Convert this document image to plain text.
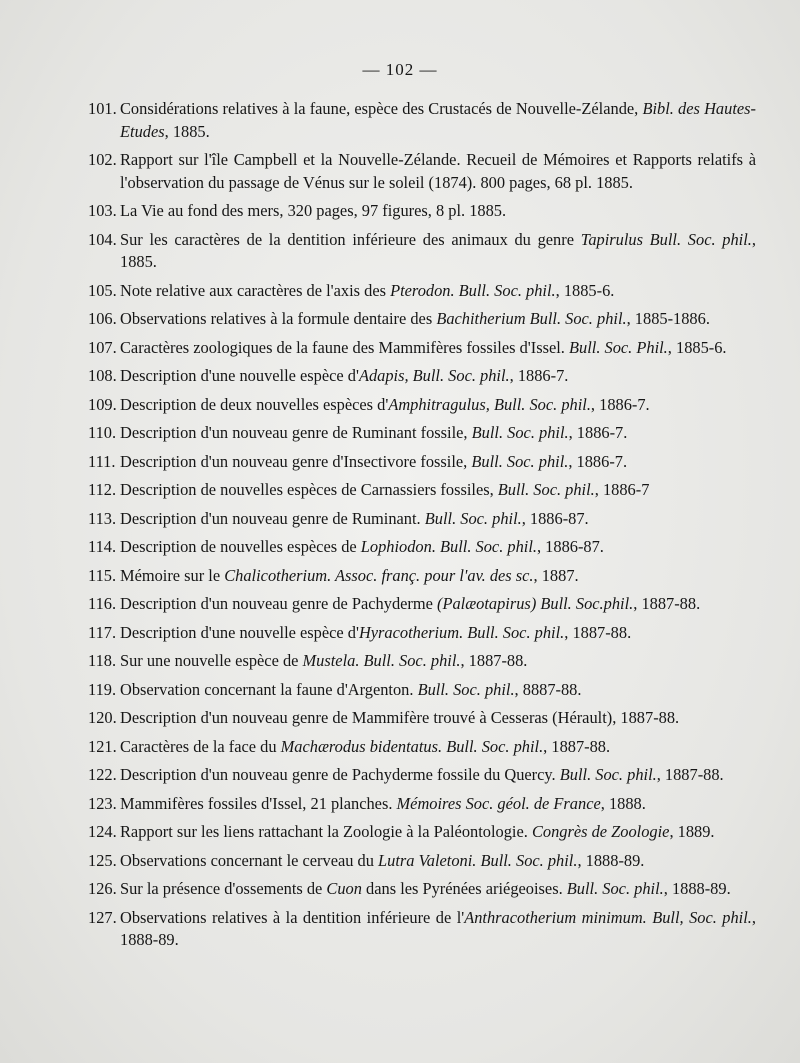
— 102 —
101. Considérations relatives à la faune, espèce des Crustacés de Nouvelle-Zélande, Bibl. des Hautes-Etudes, 1885.
102. Rapport sur l'île Campbell et la Nouvelle-Zélande. Recueil de Mémoires et Rapports relatifs à l'observation du passage de Vénus sur le soleil (1874). 800 pages, 68 pl. 1885.
103. La Vie au fond des mers, 320 pages, 97 figures, 8 pl. 1885.
104. Sur les caractères de la dentition inférieure des animaux du genre Tapirulus Bull. Soc. phil., 1885.
105. Note relative aux caractères de l'axis des Pterodon. Bull. Soc. phil., 1885-6.
106. Observations relatives à la formule dentaire des Bachitherium Bull. Soc. phil., 1885-1886.
107. Caractères zoologiques de la faune des Mammifères fossiles d'Issel. Bull. Soc. Phil., 1885-6.
108. Description d'une nouvelle espèce d'Adapis, Bull. Soc. phil., 1886-7.
109. Description de deux nouvelles espèces d'Amphitragulus, Bull. Soc. phil., 1886-7.
110. Description d'un nouveau genre de Ruminant fossile, Bull. Soc. phil., 1886-7.
111. Description d'un nouveau genre d'Insectivore fossile, Bull. Soc. phil., 1886-7.
112. Description de nouvelles espèces de Carnassiers fossiles, Bull. Soc. phil., 1886-7
113. Description d'un nouveau genre de Ruminant. Bull. Soc. phil., 1886-87.
114. Description de nouvelles espèces de Lophiodon. Bull. Soc. phil., 1886-87.
115. Mémoire sur le Chalicotherium. Assoc. franç. pour l'av. des sc., 1887.
116. Description d'un nouveau genre de Pachyderme (Palæotapirus) Bull. Soc.phil., 1887-88.
117. Description d'une nouvelle espèce d'Hyracotherium. Bull. Soc. phil., 1887-88.
118. Sur une nouvelle espèce de Mustela. Bull. Soc. phil., 1887-88.
119. Observation concernant la faune d'Argenton. Bull. Soc. phil., 8887-88.
120. Description d'un nouveau genre de Mammifère trouvé à Cesseras (Hérault), 1887-88.
121. Caractères de la face du Machærodus bidentatus. Bull. Soc. phil., 1887-88.
122. Description d'un nouveau genre de Pachyderme fossile du Quercy. Bull. Soc. phil., 1887-88.
123. Mammifères fossiles d'Issel, 21 planches. Mémoires Soc. géol. de France, 1888.
124. Rapport sur les liens rattachant la Zoologie à la Paléontologie. Congrès de Zoologie, 1889.
125. Observations concernant le cerveau du Lutra Valetoni. Bull. Soc. phil., 1888-89.
126. Sur la présence d'ossements de Cuon dans les Pyrénées ariégeoises. Bull. Soc. phil., 1888-89.
127. Observations relatives à la dentition inférieure de l'Anthracotherium minimum. Bull, Soc. phil., 1888-89.
